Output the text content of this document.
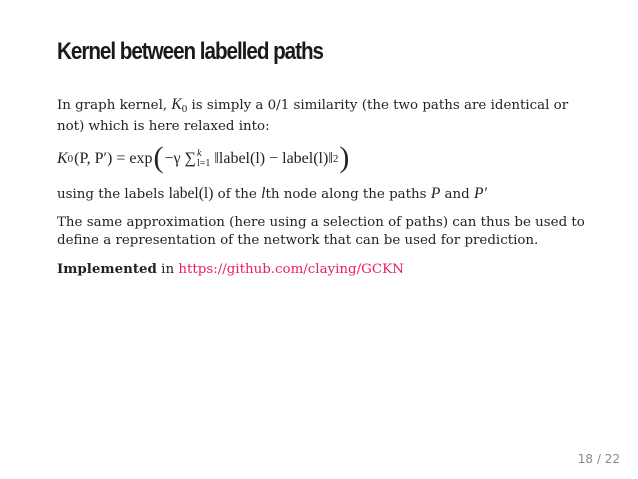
Kernel between labelled paths

In graph kernel, $K_0$ is simply a 0/1 similarity (the two paths are identical or not) which is here relaxed into:

K 0 (P, P′) = exp ( −γ ∑ k
l=1 ‖label(l) − label(l)‖ 2 )

using the labels label(l) of the lth node along the paths P and P′

The same approximation (here using a selection of paths) can thus be used to define a representation of the network that can be used for prediction.

Implemented in https://github.com/claying/GCKN

18 / 22
